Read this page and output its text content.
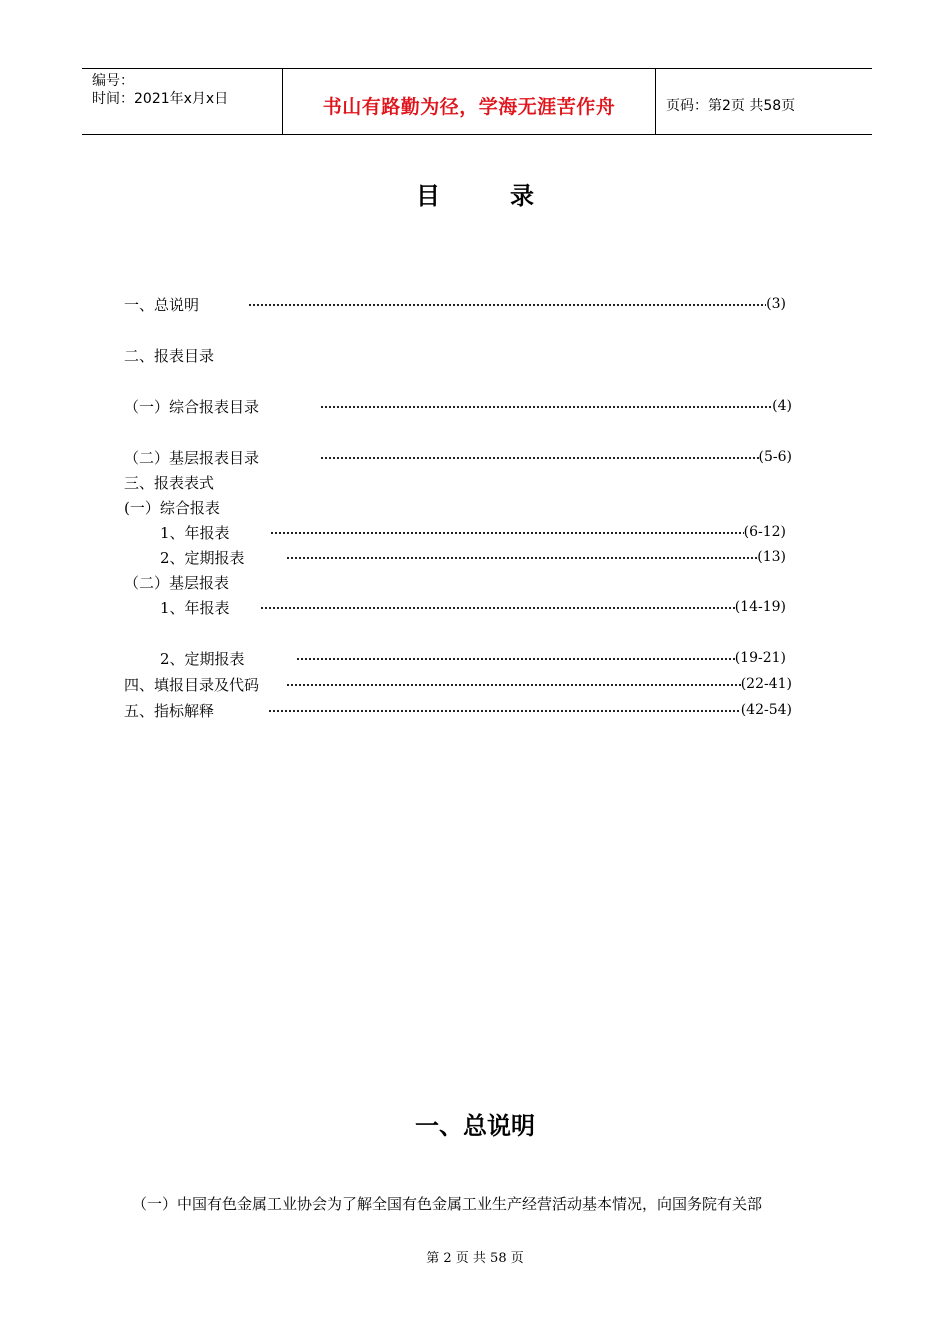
编号：
时间：2021年x月x日	书山有路勤为径，学海无涯苦作舟	页码：第2页 共58页
目	录
一、总说明	(3)
二、报表目录
（一）综合报表目录	(4)
（二）基层报表目录	(5-6)
三、报表表式
(一）综合报表
1、年报表	(6-12)
2、定期报表	(13)
（二）基层报表
1、年报表	(14-19)
2、定期报表	(19-21)
四、填报目录及代码	(22-41)
五、指标解释	(42-54)
一、总说明
（一）中国有色金属工业协会为了解全国有色金属工业生产经营活动基本情况，向国务院有关部
第 2 页 共 58 页
